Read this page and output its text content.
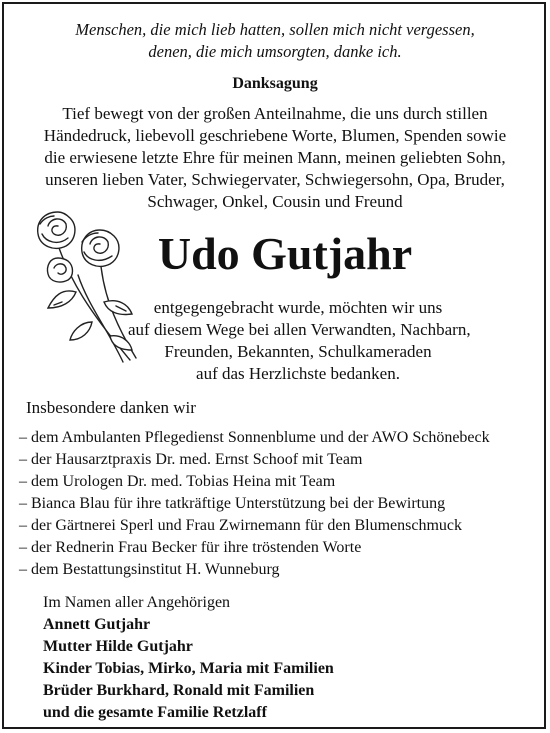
Menschen, die mich lieb hatten, sollen mich nicht vergessen,
denen, die mich umsorgten, danke ich.
Danksagung
Tief bewegt von der großen Anteilnahme, die uns durch stillen
Händedruck, liebevoll geschriebene Worte, Blumen, Spenden sowie
die erwiesene letzte Ehre für meinen Mann, meinen geliebten Sohn,
unseren lieben Vater, Schwiegervater, Schwiegersohn, Opa, Bruder,
Schwager, Onkel, Cousin und Freund
Udo Gutjahr
entgegengebracht wurde, möchten wir uns
auf diesem Wege bei allen Verwandten, Nachbarn,
Freunden, Bekannten, Schulkameraden
auf das Herzlichste bedanken.
Insbesondere danken wir
– dem Ambulanten Pflegedienst Sonnenblume und der AWO Schönebeck
– der Hausarztpraxis Dr. med. Ernst Schoof mit Team
– dem Urologen Dr. med. Tobias Heina mit Team
– Bianca Blau für ihre tatkräftige Unterstützung bei der Bewirtung
– der Gärtnerei Sperl und Frau Zwirnemann für den Blumenschmuck
– der Rednerin Frau Becker für ihre tröstenden Worte
– dem Bestattungsinstitut H. Wunneburg
Im Namen aller Angehörigen
Annett Gutjahr
Mutter Hilde Gutjahr
Kinder Tobias, Mirko, Maria mit Familien
Brüder Burkhard, Ronald mit Familien
und die gesamte Familie Retzlaff
